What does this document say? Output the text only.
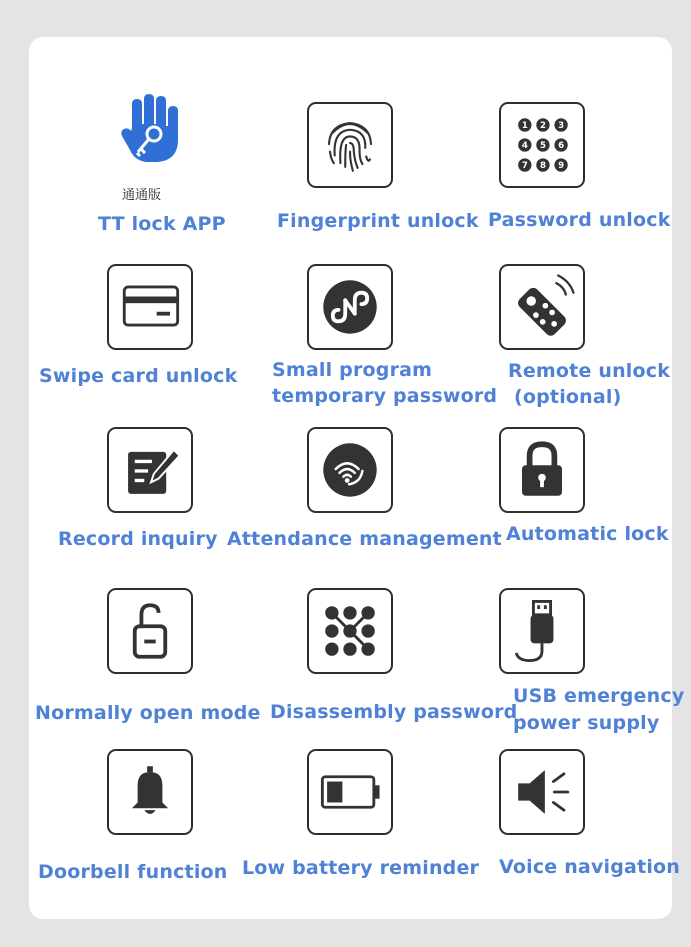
通通版
TT lock APP	Fingerprint unlock
1 2 3
4 5 6
7 8 9
Password unlock
Swipe card unlock Small program
temporary password
Remote unlock
(optional)
Record inquiry Attendance management Automatic lock
Normally open mode Disassembly password
USB emergency
power supply
Doorbell function Low battery reminder Voice navigation
